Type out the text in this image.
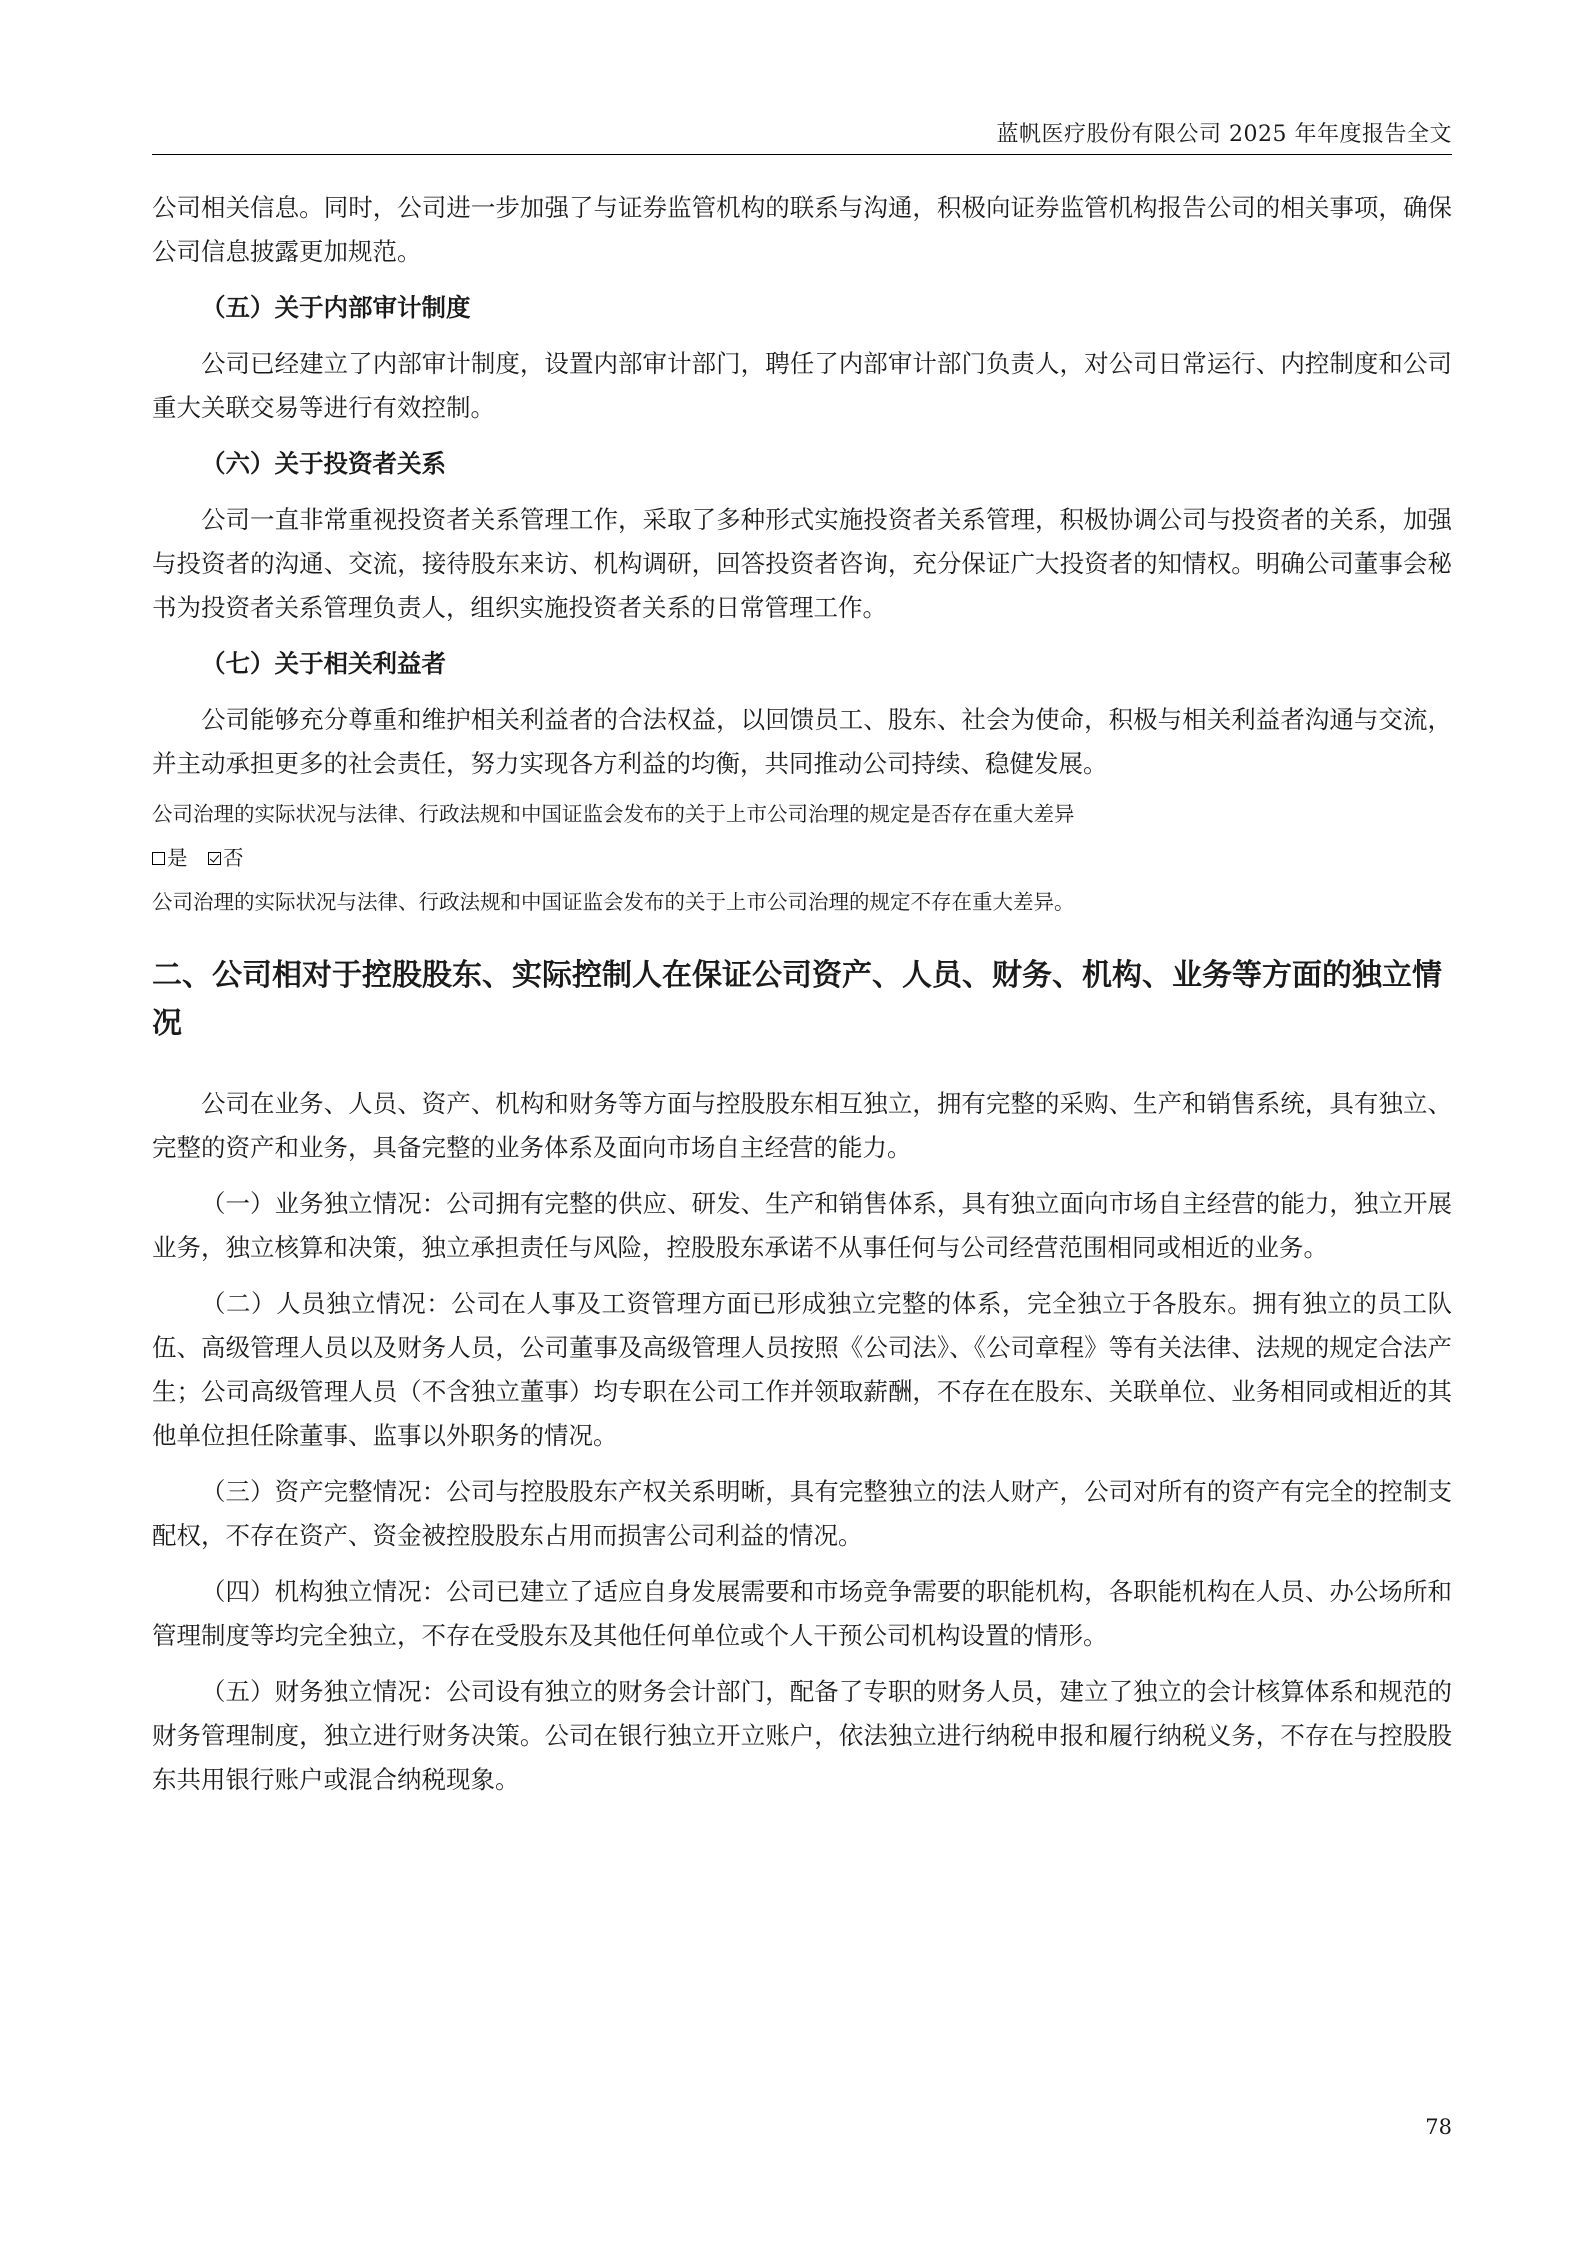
蓝帆医疗股份有限公司 2025 年年度报告全文

公司相关信息。同时，公司进一步加强了与证券监管机构的联系与沟通，积极向证券监管机构报告公司的相关事项，确保公司信息披露更加规范。

（五）关于内部审计制度

公司已经建立了内部审计制度，设置内部审计部门，聘任了内部审计部门负责人，对公司日常运行、内控制度和公司重大关联交易等进行有效控制。

（六）关于投资者关系

公司一直非常重视投资者关系管理工作，采取了多种形式实施投资者关系管理，积极协调公司与投资者的关系，加强与投资者的沟通、交流，接待股东来访、机构调研，回答投资者咨询，充分保证广大投资者的知情权。明确公司董事会秘书为投资者关系管理负责人，组织实施投资者关系的日常管理工作。

（七）关于相关利益者

公司能够充分尊重和维护相关利益者的合法权益，以回馈员工、股东、社会为使命，积极与相关利益者沟通与交流，并主动承担更多的社会责任，努力实现各方利益的均衡，共同推动公司持续、稳健发展。

公司治理的实际状况与法律、行政法规和中国证监会发布的关于上市公司治理的规定是否存在重大差异

是 否

公司治理的实际状况与法律、行政法规和中国证监会发布的关于上市公司治理的规定不存在重大差异。

二、公司相对于控股股东、实际控制人在保证公司资产、人员、财务、机构、业务等方面的独立情况

公司在业务、人员、资产、机构和财务等方面与控股股东相互独立，拥有完整的采购、生产和销售系统，具有独立、完整的资产和业务，具备完整的业务体系及面向市场自主经营的能力。

（一）业务独立情况：公司拥有完整的供应、研发、生产和销售体系，具有独立面向市场自主经营的能力，独立开展业务，独立核算和决策，独立承担责任与风险，控股股东承诺不从事任何与公司经营范围相同或相近的业务。

（二）人员独立情况：公司在人事及工资管理方面已形成独立完整的体系，完全独立于各股东。拥有独立的员工队伍、高级管理人员以及财务人员，公司董事及高级管理人员按照《公司法》、《公司章程》等有关法律、法规的规定合法产生；公司高级管理人员（不含独立董事）均专职在公司工作并领取薪酬，不存在在股东、关联单位、业务相同或相近的其他单位担任除董事、监事以外职务的情况。

（三）资产完整情况：公司与控股股东产权关系明晰，具有完整独立的法人财产，公司对所有的资产有完全的控制支配权，不存在资产、资金被控股股东占用而损害公司利益的情况。

（四）机构独立情况：公司已建立了适应自身发展需要和市场竞争需要的职能机构，各职能机构在人员、办公场所和管理制度等均完全独立，不存在受股东及其他任何单位或个人干预公司机构设置的情形。

（五）财务独立情况：公司设有独立的财务会计部门，配备了专职的财务人员，建立了独立的会计核算体系和规范的财务管理制度，独立进行财务决策。公司在银行独立开立账户，依法独立进行纳税申报和履行纳税义务，不存在与控股股东共用银行账户或混合纳税现象。

78
